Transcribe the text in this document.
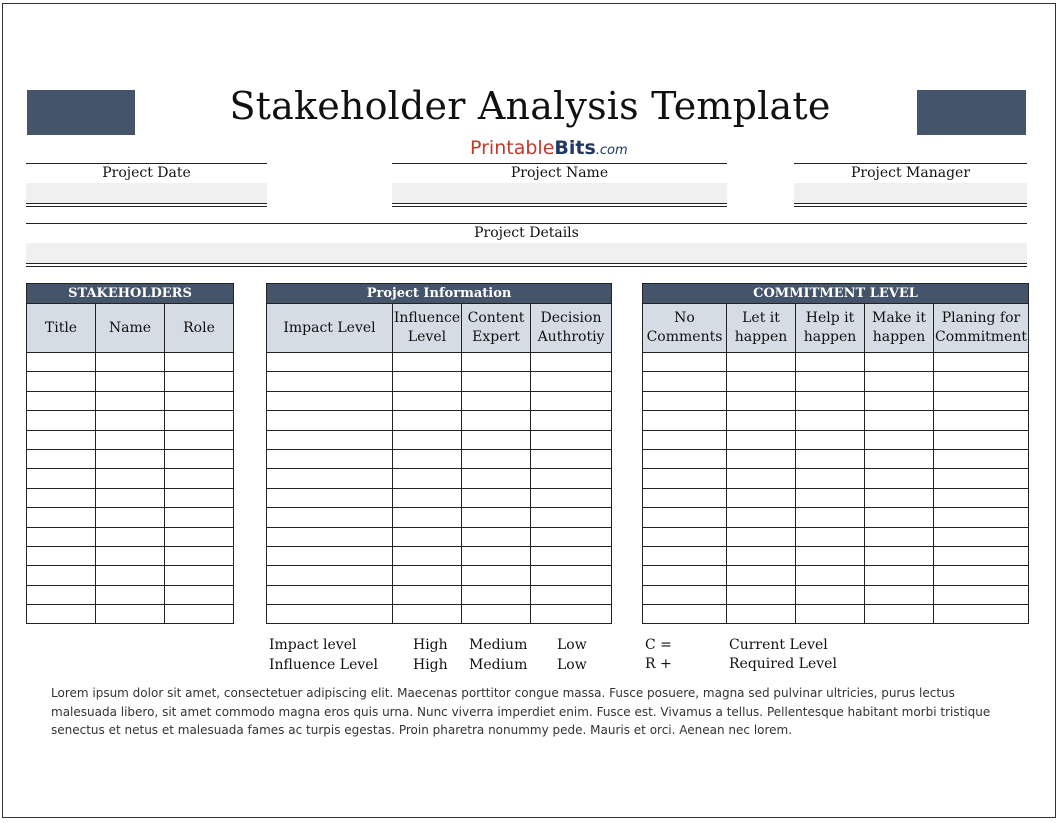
Stakeholder Analysis Template
PrintableBits.com
Project Date	Project Name	Project Manager
Project Details
STAKEHOLDERS		
Title	Name	Role

Project Information			
Impact Level	Influence Level	Content Expert	Decision Authrotiy

COMMITMENT LEVEL				
No Comments	Let it happen	Help it happen	Make it happen	Planing for Commitment

Impact level	High Medium Low
Influence Level High Medium Low
C =	Current Level
R +	Required Level
Lorem ipsum dolor sit amet, consectetuer adipiscing elit. Maecenas porttitor congue massa. Fusce posuere, magna sed pulvinar ultricies, purus lectus malesuada libero, sit amet commodo magna eros quis urna. Nunc viverra imperdiet enim. Fusce est. Vivamus a tellus. Pellentesque habitant morbi tristique senectus et netus et malesuada fames ac turpis egestas. Proin pharetra nonummy pede. Mauris et orci. Aenean nec lorem.
